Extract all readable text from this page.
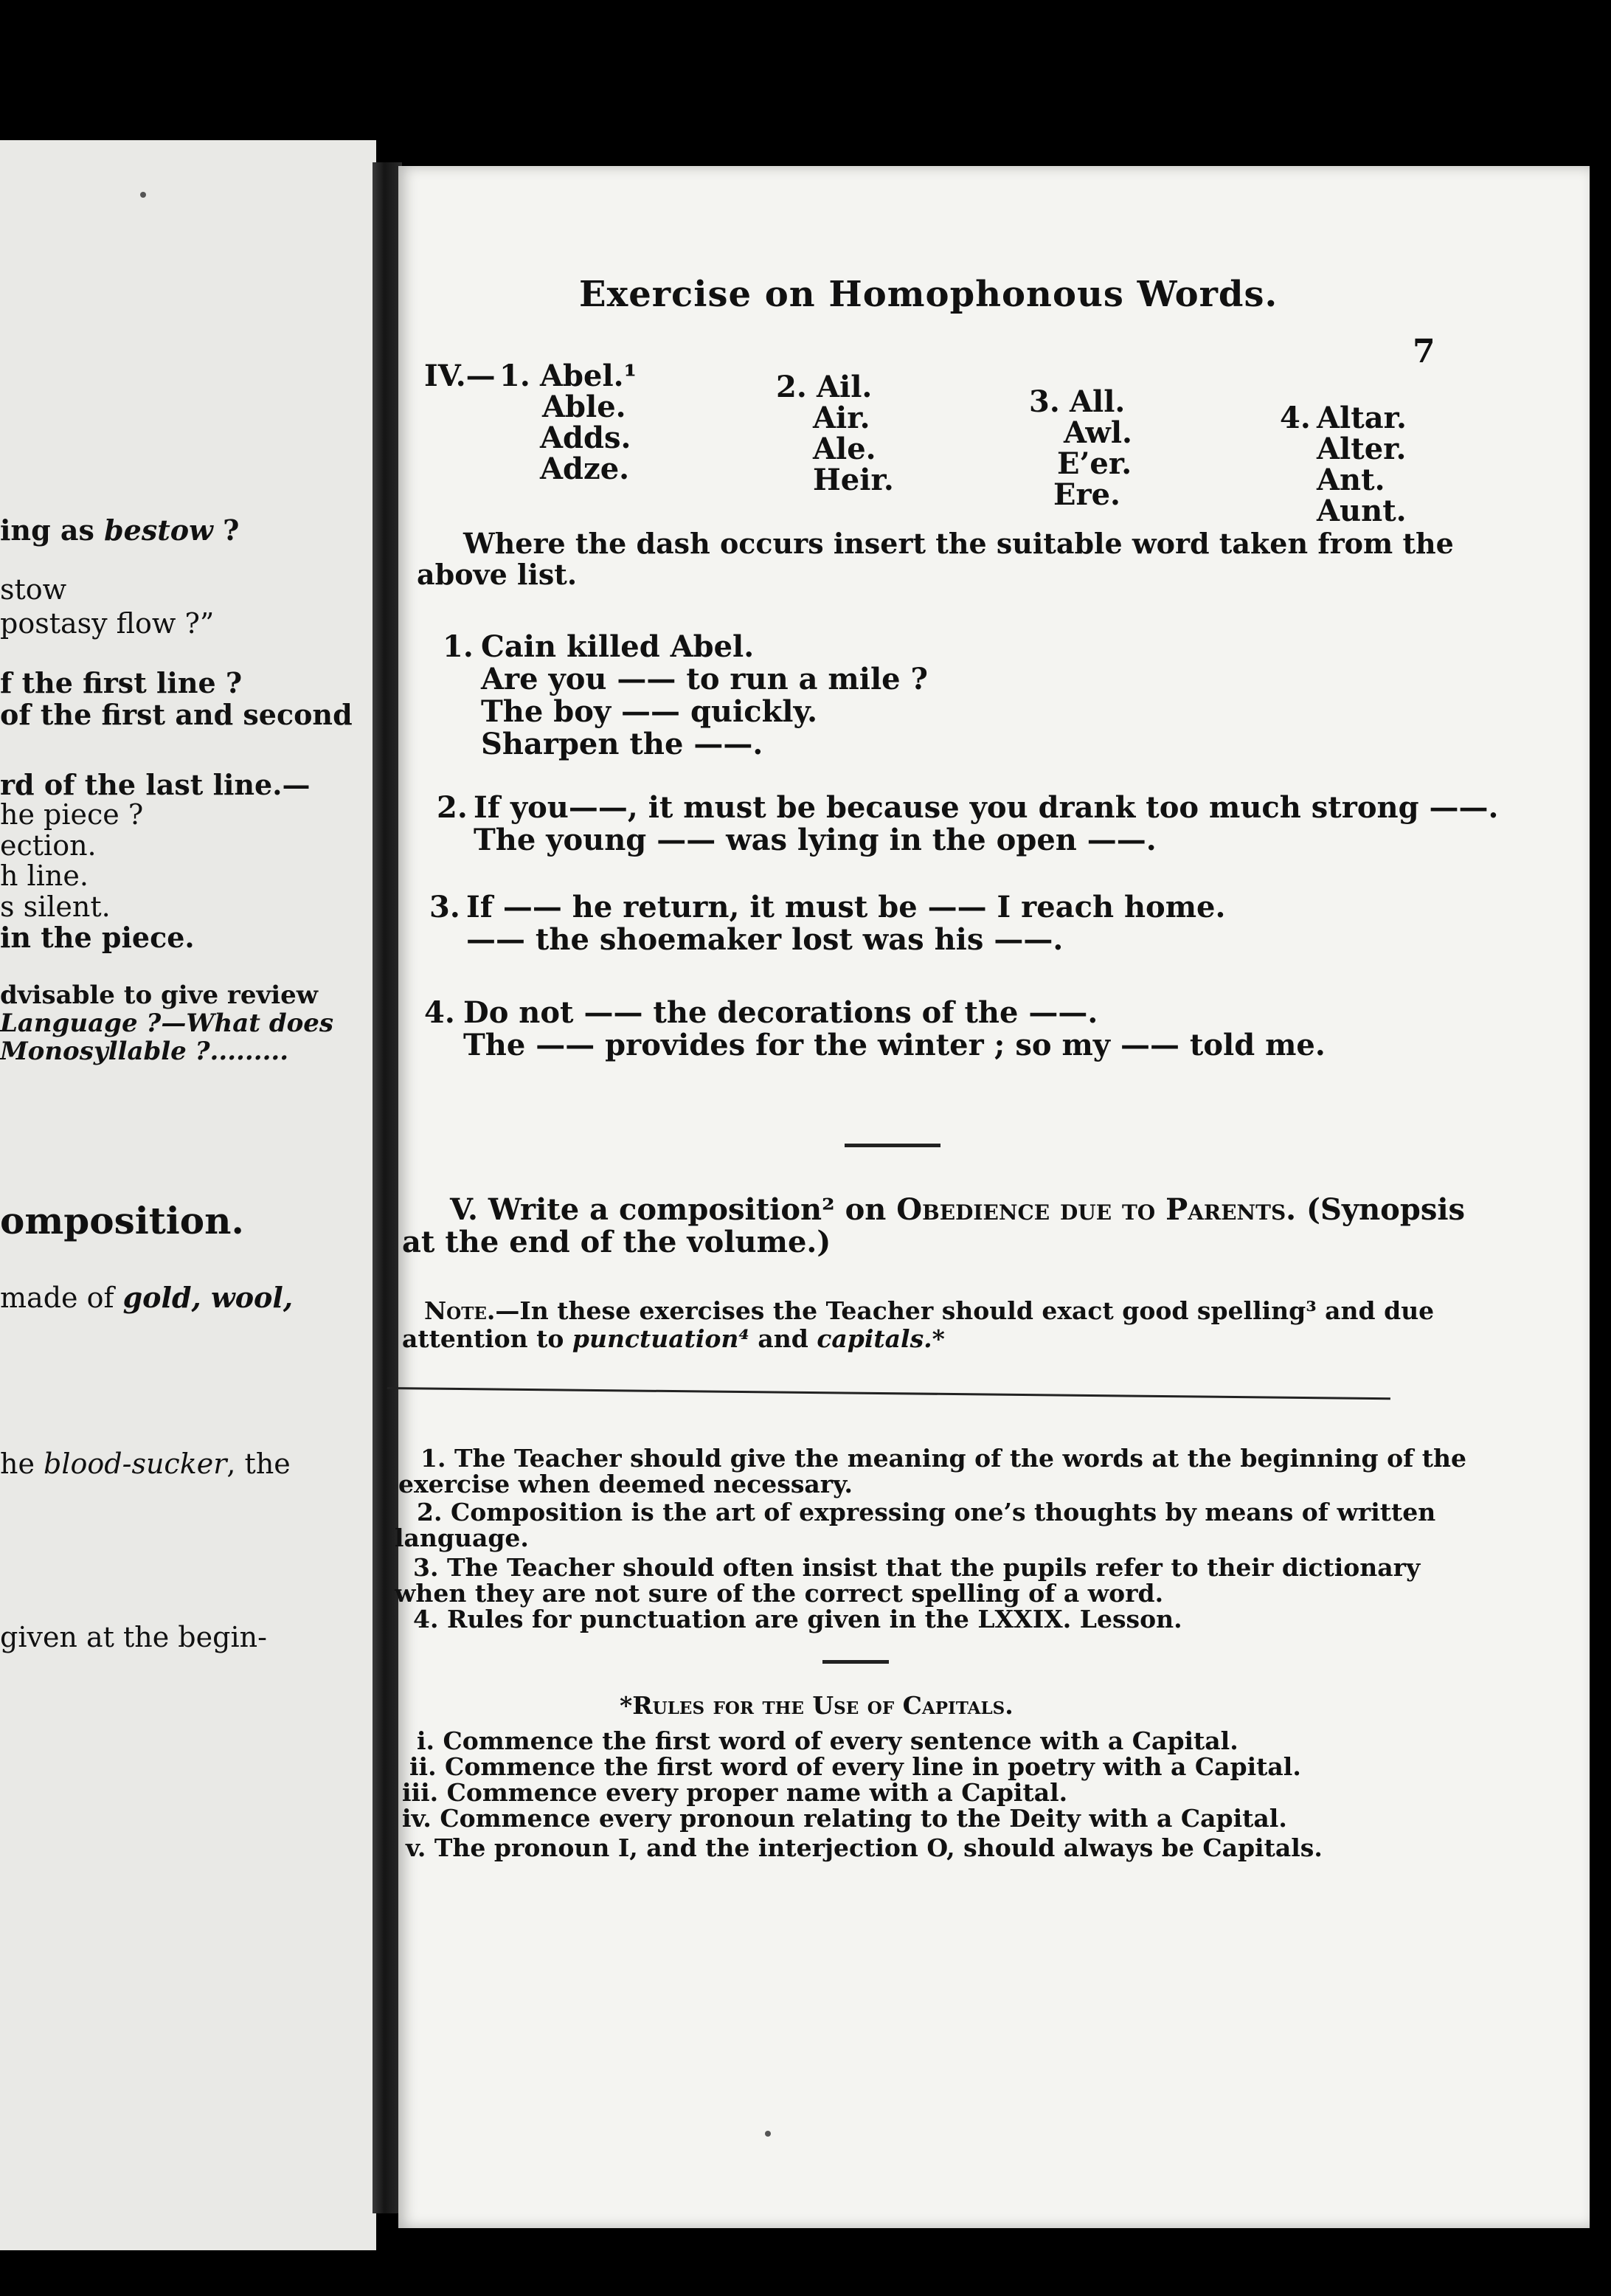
ing as bestow ?
stow
postasy flow ?”
f the first line ?
of the first and second
rd of the last line.—
he piece ?
ection.
h line.
s silent.
in the piece.
dvisable to give review
Language ?—What does
Monosyllable ?.........
omposition.
made of gold, wool,
he blood-sucker, the
given at the begin-
Exercise on Homophonous Words.
7
IV.— 1. Abel.¹
Able.
Adds.
Adze.
2. Ail.
Air.
Ale.
Heir.
3. All.
Awl.
E’er.
Ere.
4. Altar.
Alter.
Ant.
Aunt.
Where the dash occurs insert the suitable word taken from the
above list.
1. Cain killed Abel.
Are you —— to run a mile ?
The boy —— quickly.
Sharpen the ——.
2. If you——, it must be because you drank too much strong ——.
The young —— was lying in the open ——.
3. If —— he return, it must be —— I reach home.
—— the shoemaker lost was his ——.
4. Do not —— the decorations of the ——.
The —— provides for the winter ; so my —— told me.
V. Write a composition² on Obedience due to Parents. (Synopsis
at the end of the volume.)
Note.—In these exercises the Teacher should exact good spelling³ and due
attention to punctuation⁴ and capitals.*
1. The Teacher should give the meaning of the words at the beginning of the
exercise when deemed necessary.
2. Composition is the art of expressing one’s thoughts by means of written
language.
3. The Teacher should often insist that the pupils refer to their dictionary
when they are not sure of the correct spelling of a word.
4. Rules for punctuation are given in the LXXIX. Lesson.
*Rules for the Use of Capitals.
i. Commence the first word of every sentence with a Capital.
ii. Commence the first word of every line in poetry with a Capital.
iii. Commence every proper name with a Capital.
iv. Commence every pronoun relating to the Deity with a Capital.
v. The pronoun I, and the interjection O, should always be Capitals.
